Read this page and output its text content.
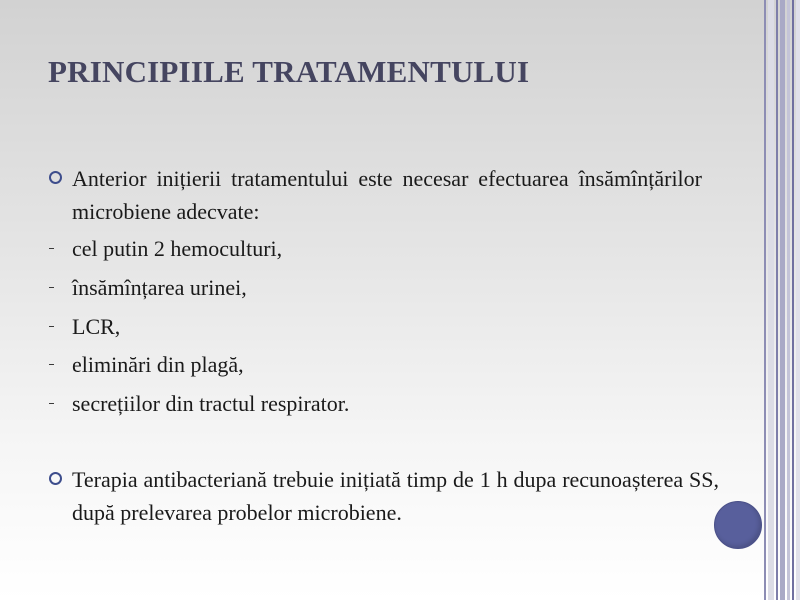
PRINCIPIILE TRATAMENTULUI

Anterior inițierii tratamentului este necesar efectuarea însămînțărilor microbiene adecvate:

cel putin 2 hemoculturi,

însămînțarea urinei,

LCR,

eliminări din plagă,

secrețiilor din tractul respirator.

Terapia antibacteriană trebuie inițiată timp de 1 h dupa recunoașterea SS, după prelevarea probelor microbiene.
